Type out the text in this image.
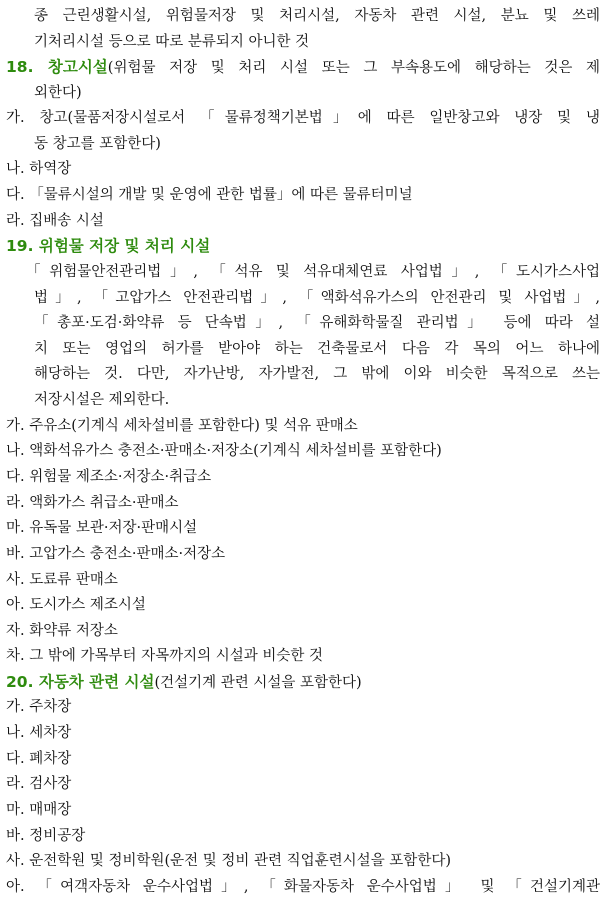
종 근린생활시설, 위험물저장 및 처리시설, 자동차 관련 시설, 분뇨 및 쓰레
기처리시설 등으로 따로 분류되지 아니한 것
18. 창고시설(위험물 저장 및 처리 시설 또는 그 부속용도에 해당하는 것은 제
외한다)
가. 창고(물품저장시설로서 「물류정책기본법」에 따른 일반창고와 냉장 및 냉
동 창고를 포함한다)
나. 하역장
다. 「물류시설의 개발 및 운영에 관한 법률」에 따른 물류터미널
라. 집배송 시설
19. 위험물 저장 및 처리 시설
「위험물안전관리법」, 「석유 및 석유대체연료 사업법」, 「도시가스사업
법」, 「고압가스 안전관리법」, 「액화석유가스의 안전관리 및 사업법」,
「총포·도검·화약류 등 단속법」, 「유해화학물질 관리법」 등에 따라 설
치 또는 영업의 허가를 받아야 하는 건축물로서 다음 각 목의 어느 하나에
해당하는 것. 다만, 자가난방, 자가발전, 그 밖에 이와 비슷한 목적으로 쓰는
저장시설은 제외한다.
가. 주유소(기계식 세차설비를 포함한다) 및 석유 판매소
나. 액화석유가스 충전소·판매소·저장소(기계식 세차설비를 포함한다)
다. 위험물 제조소·저장소·취급소
라. 액화가스 취급소·판매소
마. 유독물 보관·저장·판매시설
바. 고압가스 충전소·판매소·저장소
사. 도료류 판매소
아. 도시가스 제조시설
자. 화약류 저장소
차. 그 밖에 가목부터 자목까지의 시설과 비슷한 것
20. 자동차 관련 시설(건설기계 관련 시설을 포함한다)
가. 주차장
나. 세차장
다. 폐차장
라. 검사장
마. 매매장
바. 정비공장
사. 운전학원 및 정비학원(운전 및 정비 관련 직업훈련시설을 포함한다)
아. 「여객자동차 운수사업법」, 「화물자동차 운수사업법」 및 「건설기계관
